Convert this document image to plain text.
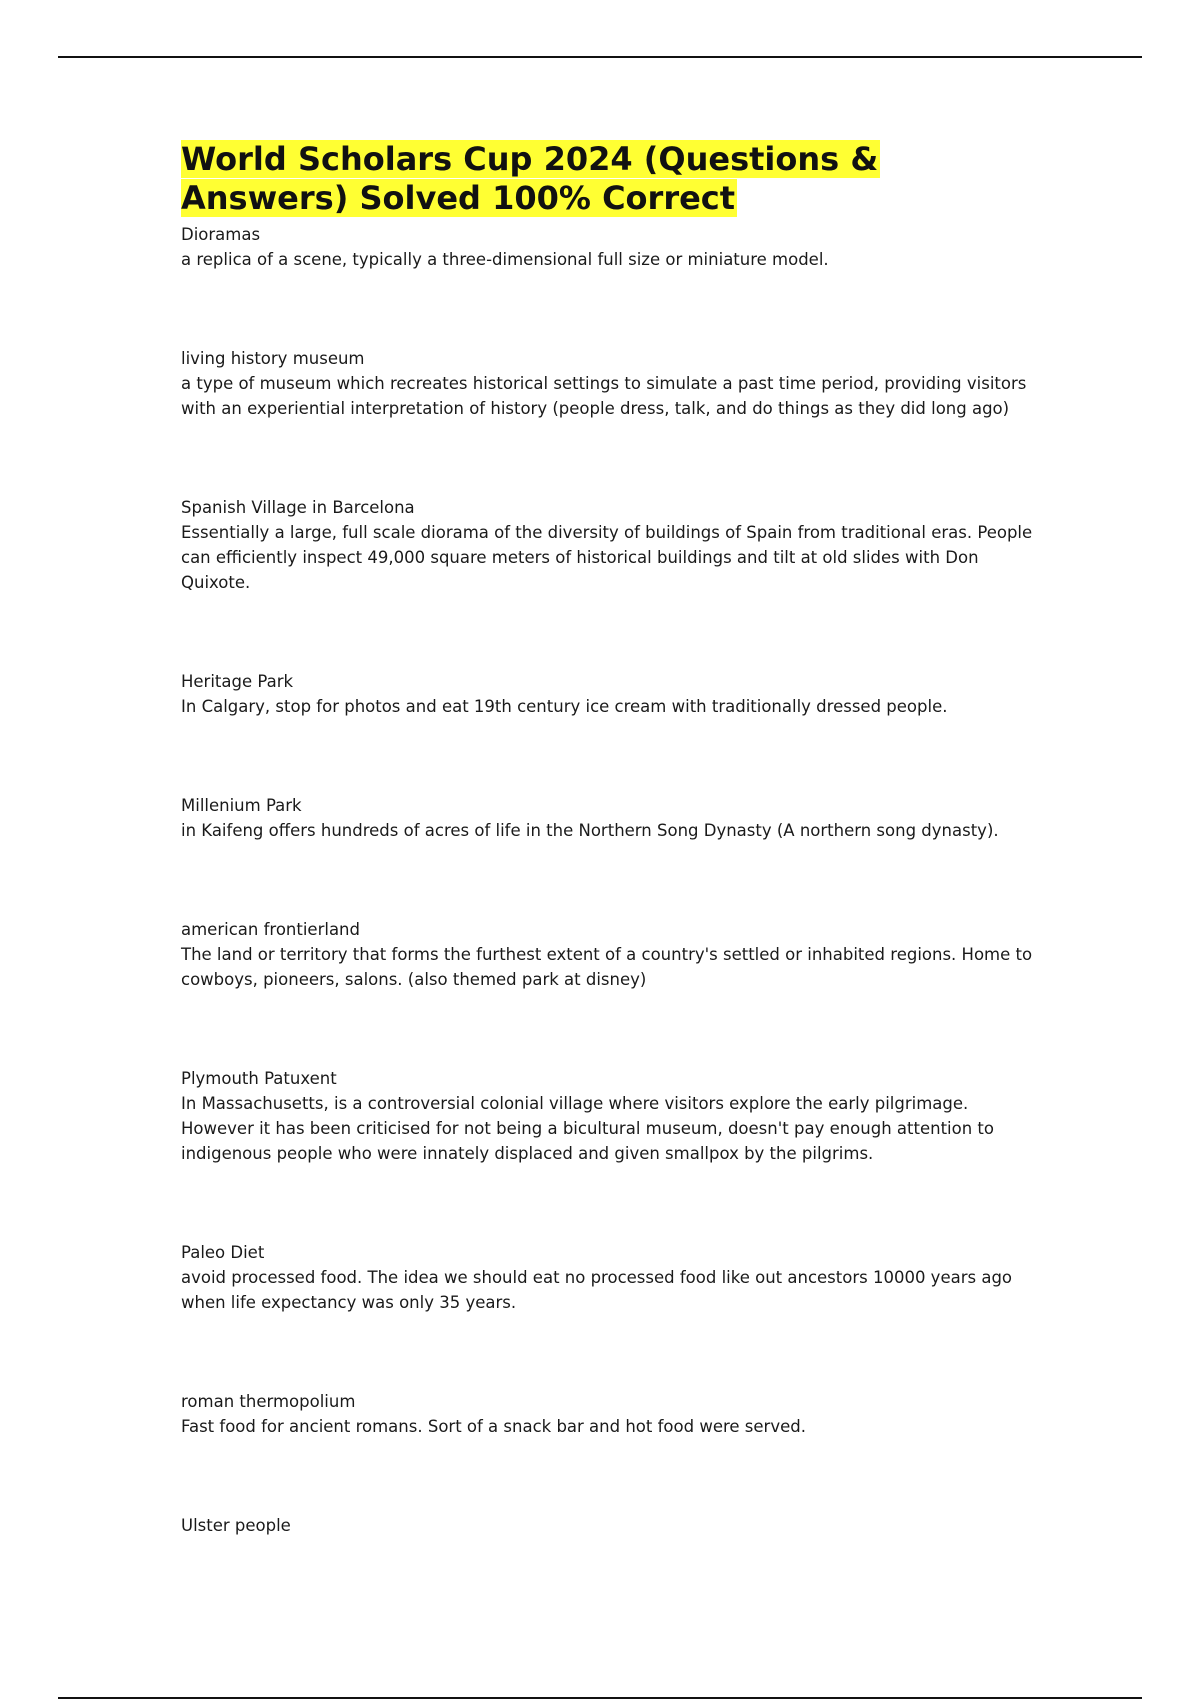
World Scholars Cup 2024 (Questions & Answers) Solved 100% Correct
Dioramas
a replica of a scene, typically a three-dimensional full size or miniature model.
living history museum
a type of museum which recreates historical settings to simulate a past time period, providing visitors with an experiential interpretation of history (people dress, talk, and do things as they did long ago)
Spanish Village in Barcelona
Essentially a large, full scale diorama of the diversity of buildings of Spain from traditional eras. People can efficiently inspect 49,000 square meters of historical buildings and tilt at old slides with Don Quixote.
Heritage Park
In Calgary, stop for photos and eat 19th century ice cream with traditionally dressed people.
Millenium Park
in Kaifeng offers hundreds of acres of life in the Northern Song Dynasty (A northern song dynasty).
american frontierland
The land or territory that forms the furthest extent of a country's settled or inhabited regions. Home to cowboys, pioneers, salons. (also themed park at disney)
Plymouth Patuxent
In Massachusetts, is a controversial colonial village where visitors explore the early pilgrimage. However it has been criticised for not being a bicultural museum, doesn't pay enough attention to indigenous people who were innately displaced and given smallpox by the pilgrims.
Paleo Diet
avoid processed food. The idea we should eat no processed food like out ancestors 10000 years ago when life expectancy was only 35 years.
roman thermopolium
Fast food for ancient romans. Sort of a snack bar and hot food were served.
Ulster people
